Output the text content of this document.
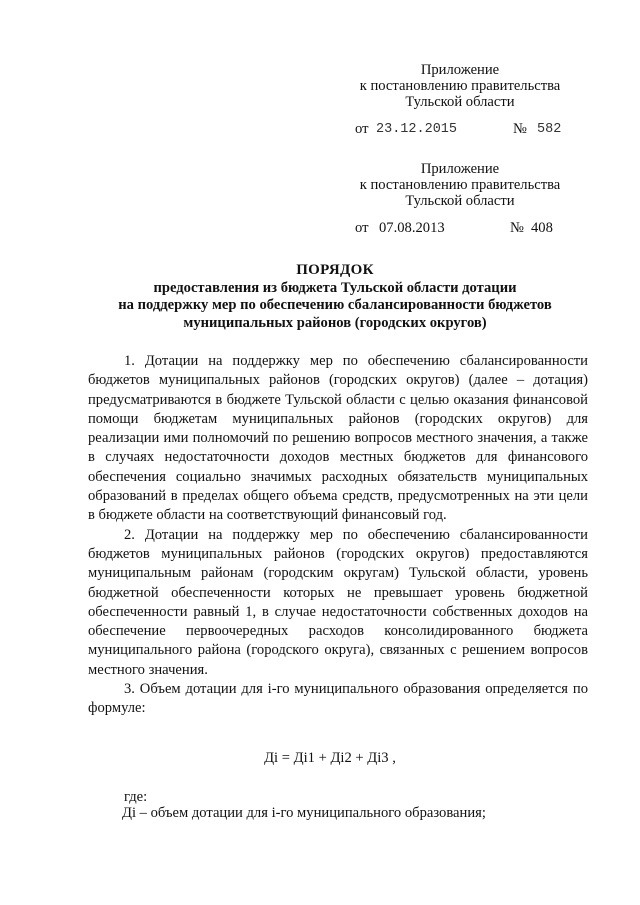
Приложение
к постановлению правительства
Тульской области
от 23.12.2015	№ 582
Приложение
к постановлению правительства
Тульской области
от 07.08.2013	№ 408
ПОРЯДОК
предоставления из бюджета Тульской области дотации
на поддержку мер по обеспечению сбалансированности бюджетов
муниципальных районов (городских округов)

1. Дотации на поддержку мер по обеспечению сбалансированности бюджетов муниципальных районов (городских округов) (далее – дотация) предусматриваются в бюджете Тульской области с целью оказания финансовой помощи бюджетам муниципальных районов (городских округов) для реализации ими полномочий по решению вопросов местного значения, а также в случаях недостаточности доходов местных бюджетов для финансового обеспечения социально значимых расходных обязательств муниципальных образований в пределах общего объема средств, предусмотренных на эти цели в бюджете области на соответствующий финансовый год.

2. Дотации на поддержку мер по обеспечению сбалансированности бюджетов муниципальных районов (городских округов) предоставляются муниципальным районам (городским округам) Тульской области, уровень бюджетной обеспеченности которых не превышает уровень бюджетной обеспеченности равный 1, в случае недостаточности собственных доходов на обеспечение первоочередных расходов консолидированного бюджета муниципального района (городского округа), связанных с решением вопросов местного значения.

3. Объем дотации для i-го муниципального образования определяется по формуле:

Дi = Дi1 + Дi2 + Дi3 ,
где:
Дi – объем дотации для i-го муниципального образования;
